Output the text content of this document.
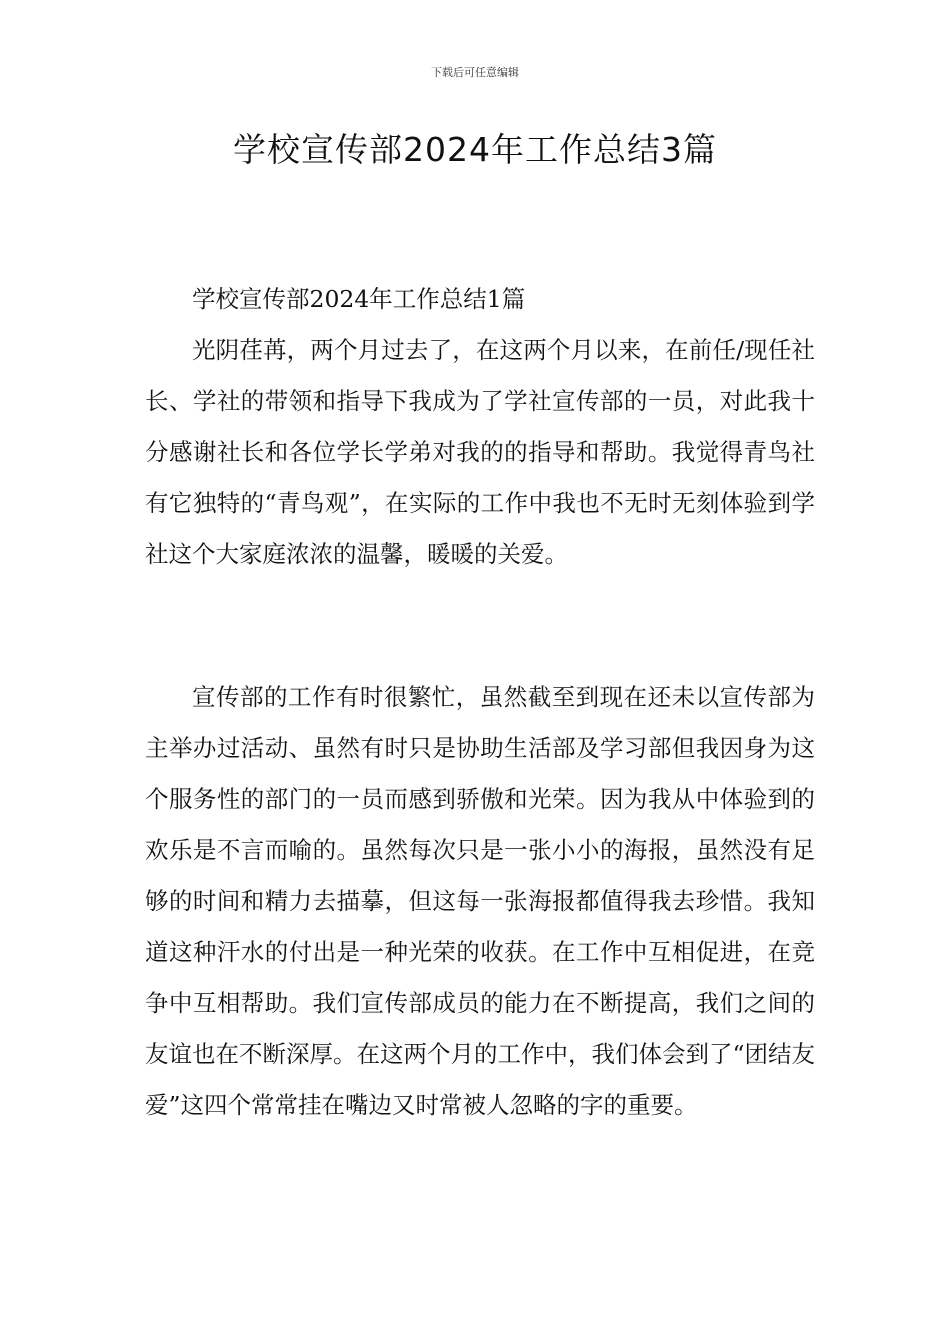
下载后可任意编辑
学校宣传部2024年工作总结3篇

学校宣传部2024年工作总结1篇

光阴荏苒，两个月过去了，在这两个月以来，在前任/现任社长、学社的带领和指导下我成为了学社宣传部的一员，对此我十分感谢社长和各位学长学弟对我的的指导和帮助。我觉得青鸟社有它独特的“青鸟观”，在实际的工作中我也不无时无刻体验到学社这个大家庭浓浓的温馨，暖暖的关爱。

宣传部的工作有时很繁忙，虽然截至到现在还未以宣传部为主举办过活动、虽然有时只是协助生活部及学习部但我因身为这个服务性的部门的一员而感到骄傲和光荣。因为我从中体验到的欢乐是不言而喻的。虽然每次只是一张小小的海报，虽然没有足够的时间和精力去描摹，但这每一张海报都值得我去珍惜。我知道这种汗水的付出是一种光荣的收获。在工作中互相促进，在竞争中互相帮助。我们宣传部成员的能力在不断提高，我们之间的友谊也在不断深厚。在这两个月的工作中，我们体会到了“团结友爱”这四个常常挂在嘴边又时常被人忽略的字的重要。
